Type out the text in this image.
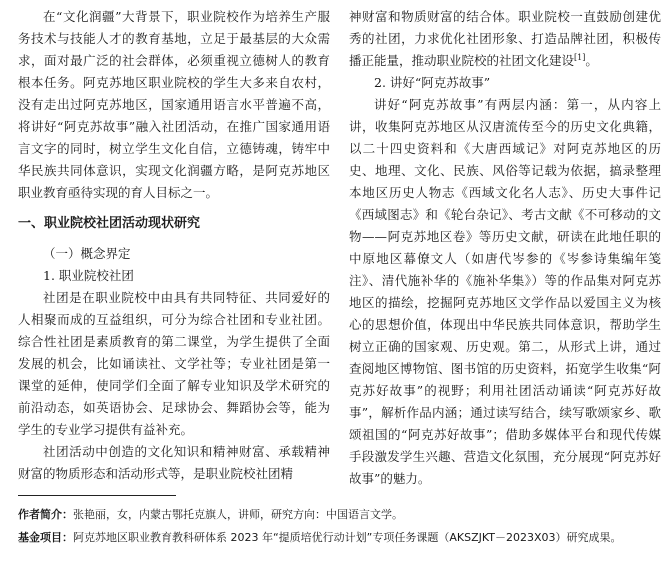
在“文化润疆”大背景下，职业院校作为培养生产服务技术与技能人才的教育基地，立足于最基层的大众需求，面对最广泛的社会群体，必须重视立德树人的教育根本任务。阿克苏地区职业院校的学生大多来自农村，没有走出过阿克苏地区，国家通用语言水平普遍不高，将讲好“阿克苏故事”融入社团活动，在推广国家通用语言文字的同时，树立学生文化自信，立德铸魂，铸牢中华民族共同体意识，实现文化润疆方略，是阿克苏地区职业教育亟待实现的育人目标之一。

一、职业院校社团活动现状研究
（一）概念界定
1. 职业院校社团

社团是在职业院校中由具有共同特征、共同爱好的人相聚而成的互益组织，可分为综合社团和专业社团。综合性社团是素质教育的第二课堂，为学生提供了全面发展的机会，比如诵读社、文学社等；专业社团是第一课堂的延伸，使同学们全面了解专业知识及学术研究的前沿动态，如英语协会、足球协会、舞蹈协会等，能为学生的专业学习提供有益补充。

社团活动中创造的文化知识和精神财富、承载精神财富的物质形态和活动形式等，是职业院校社团精

神财富和物质财富的结合体。职业院校一直鼓励创建优秀的社团，力求优化社团形象、打造品牌社团，积极传播正能量，推动职业院校的社团文化建设[1]。

2. 讲好“阿克苏故事”

讲好“阿克苏故事”有两层内涵：第一，从内容上讲，收集阿克苏地区从汉唐流传至今的历史文化典籍，以二十四史资料和《大唐西域记》对阿克苏地区的历史、地理、文化、民族、风俗等记载为依据，搞录整理本地区历史人物志《西域文化名人志》、历史大事件记《西域图志》和《轮台杂记》、考古文献《不可移动的文物——阿克苏地区卷》等历史文献，研读在此地任职的中原地区幕僚文人（如唐代岑参的《岑参诗集编年笺注》、清代施补华的《施补华集》）等的作品集对阿克苏地区的描绘，挖掘阿克苏地区文学作品以爱国主义为核心的思想价值，体现出中华民族共同体意识，帮助学生树立正确的国家观、历史观。第二，从形式上讲，通过查阅地区博物馆、图书馆的历史资料，拓宽学生收集“阿克苏好故事”的视野；利用社团活动诵读“阿克苏好故事”，解析作品内涵；通过读写结合，续写歌颂家乡、歌颂祖国的“阿克苏好故事”；借助多媒体平台和现代传媒手段激发学生兴趣、营造文化氛围，充分展现“阿克苏好故事”的魅力。

作者简介：张艳丽，女，内蒙古鄂托克旗人，讲师，研究方向：中国语言文学。

基金项目：阿克苏地区职业教育教科研体系 2023 年“提质培优行动计划”专项任务课题（AKSZJKT－2023X03）研究成果。
